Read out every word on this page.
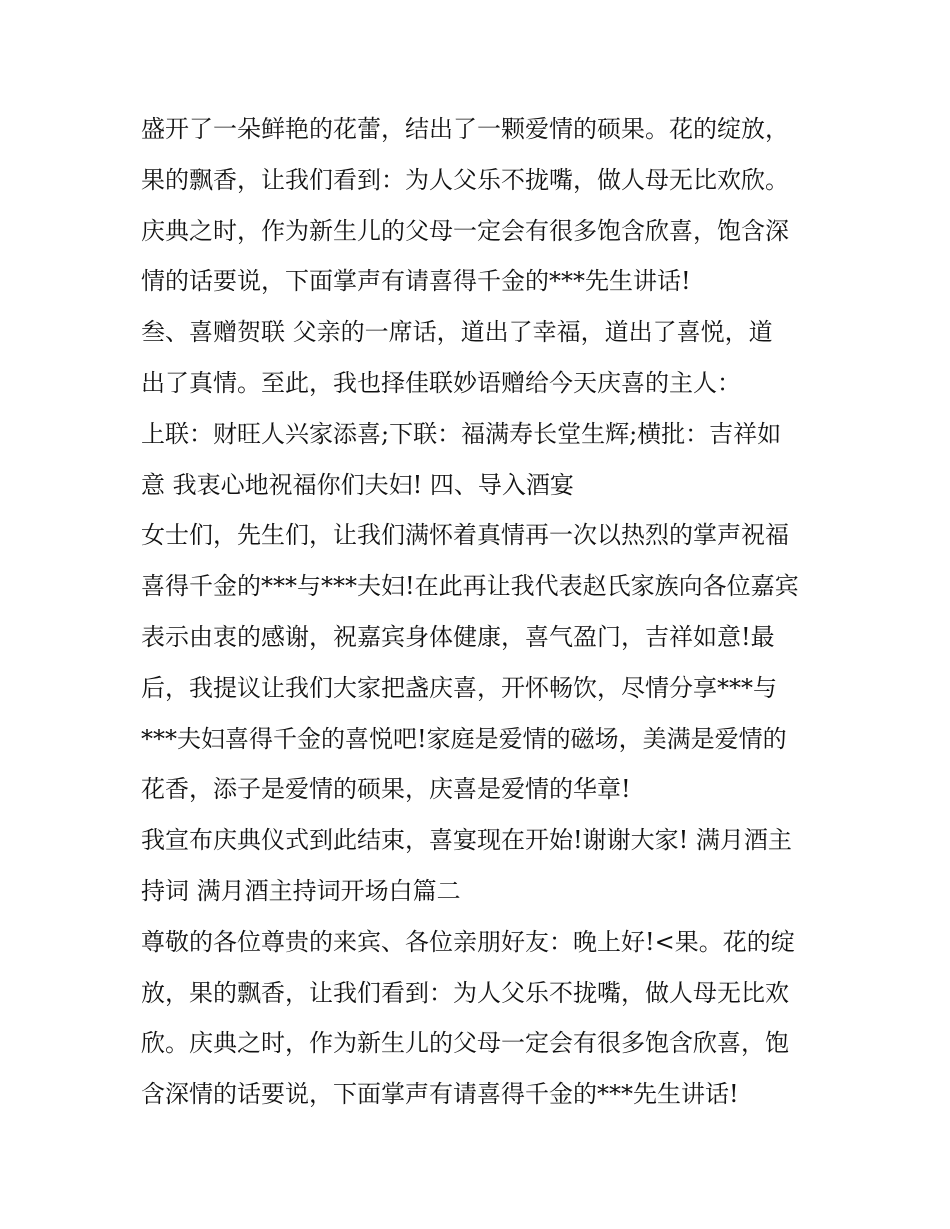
盛开了一朵鲜艳的花蕾，结出了一颗爱情的硕果。花的绽放，
果的飘香，让我们看到：为人父乐不拢嘴，做人母无比欢欣。
庆典之时，作为新生儿的父母一定会有很多饱含欣喜，饱含深
情的话要说，下面掌声有请喜得千金的***先生讲话!
叁、喜赠贺联 父亲的一席话，道出了幸福，道出了喜悦，道
出了真情。至此，我也择佳联妙语赠给今天庆喜的主人：
上联：财旺人兴家添喜;下联：福满寿长堂生辉;横批：吉祥如
意 我衷心地祝福你们夫妇! 四、导入酒宴
女士们，先生们，让我们满怀着真情再一次以热烈的掌声祝福
喜得千金的***与***夫妇!在此再让我代表赵氏家族向各位嘉宾
表示由衷的感谢，祝嘉宾身体健康，喜气盈门，吉祥如意!最
后，我提议让我们大家把盏庆喜，开怀畅饮，尽情分享***与
***夫妇喜得千金的喜悦吧!家庭是爱情的磁场，美满是爱情的
花香，添子是爱情的硕果，庆喜是爱情的华章!
我宣布庆典仪式到此结束，喜宴现在开始!谢谢大家! 满月酒主
持词 满月酒主持词开场白篇二
尊敬的各位尊贵的来宾、各位亲朋好友：晚上好!<果。花的绽
放，果的飘香，让我们看到：为人父乐不拢嘴，做人母无比欢
欣。庆典之时，作为新生儿的父母一定会有很多饱含欣喜，饱
含深情的话要说，下面掌声有请喜得千金的***先生讲话!
